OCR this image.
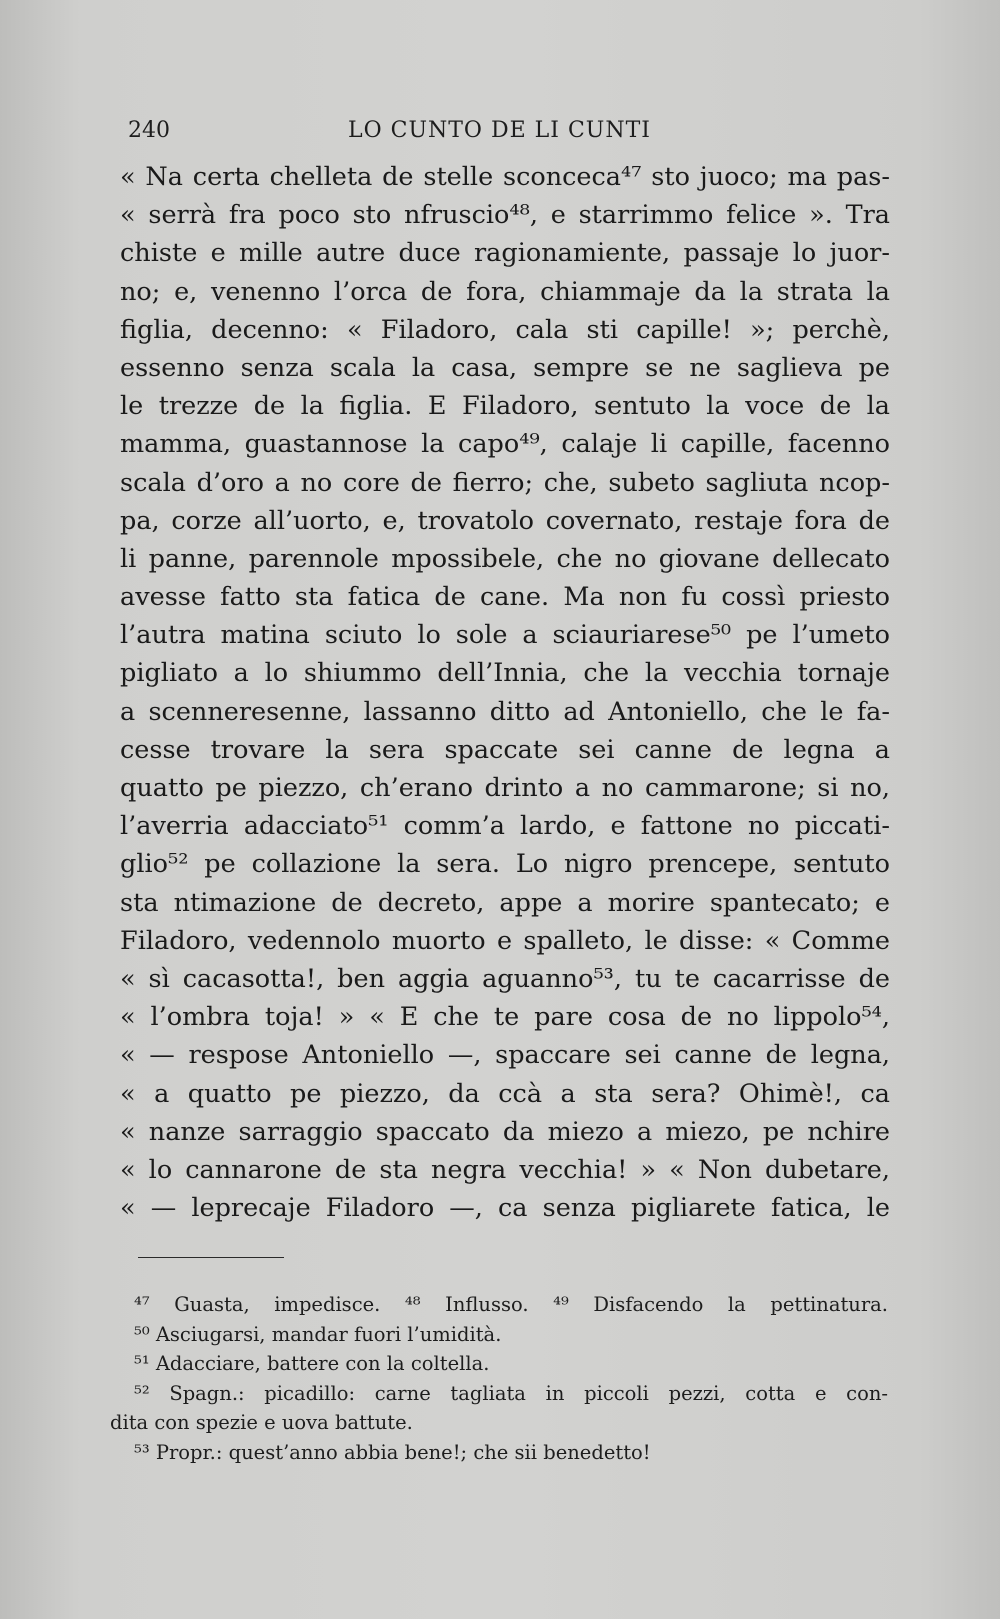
240	LO CUNTO DE LI CUNTI
« Na certa chelleta de stelle sconceca⁴⁷ sto juoco; ma pas-
« serrà fra poco sto nfruscio⁴⁸, e starrimmo felice ». Tra
chiste e mille autre duce ragionamiente, passaje lo juor-
no; e, venenno l’orca de fora, chiammaje da la strata la
figlia, decenno: « Filadoro, cala sti capille! »; perchè,
essenno senza scala la casa, sempre se ne saglieva pe
le trezze de la figlia. E Filadoro, sentuto la voce de la
mamma, guastannose la capo⁴⁹, calaje li capille, facenno
scala d’oro a no core de fierro; che, subeto sagliuta ncop-
pa, corze all’uorto, e, trovatolo covernato, restaje fora de
li panne, parennole mpossibele, che no giovane dellecato
avesse fatto sta fatica de cane. Ma non fu cossì priesto
l’autra matina sciuto lo sole a sciauriarese⁵⁰ pe l’umeto
pigliato a lo shiummo dell’Innia, che la vecchia tornaje
a scenneresenne, lassanno ditto ad Antoniello, che le fa-
cesse trovare la sera spaccate sei canne de legna a
quatto pe piezzo, ch’erano drinto a no cammarone; si no,
l’averria adacciato⁵¹ comm’a lardo, e fattone no piccati-
glio⁵² pe collazione la sera. Lo nigro prencepe, sentuto
sta ntimazione de decreto, appe a morire spantecato; e
Filadoro, vedennolo muorto e spalleto, le disse: « Comme
« sì cacasotta!, ben aggia aguanno⁵³, tu te cacarrisse de
« l’ombra toja! » « E che te pare cosa de no lippolo⁵⁴,
« — respose Antoniello —, spaccare sei canne de legna,
« a quatto pe piezzo, da ccà a sta sera? Ohimè!, ca
« nanze sarraggio spaccato da miezo a miezo, pe nchire
« lo cannarone de sta negra vecchia! » « Non dubetare,
« — leprecaje Filadoro —, ca senza pigliarete fatica, le
⁴⁷ Guasta, impedisce. ⁴⁸ Influsso. ⁴⁹ Disfacendo la pettinatura.
⁵⁰ Asciugarsi, mandar fuori l’umidità.
⁵¹ Adacciare, battere con la coltella.
⁵² Spagn.: picadillo: carne tagliata in piccoli pezzi, cotta e con-
dita con spezie e uova battute.
⁵³ Propr.: quest’anno abbia bene!; che sii benedetto!
